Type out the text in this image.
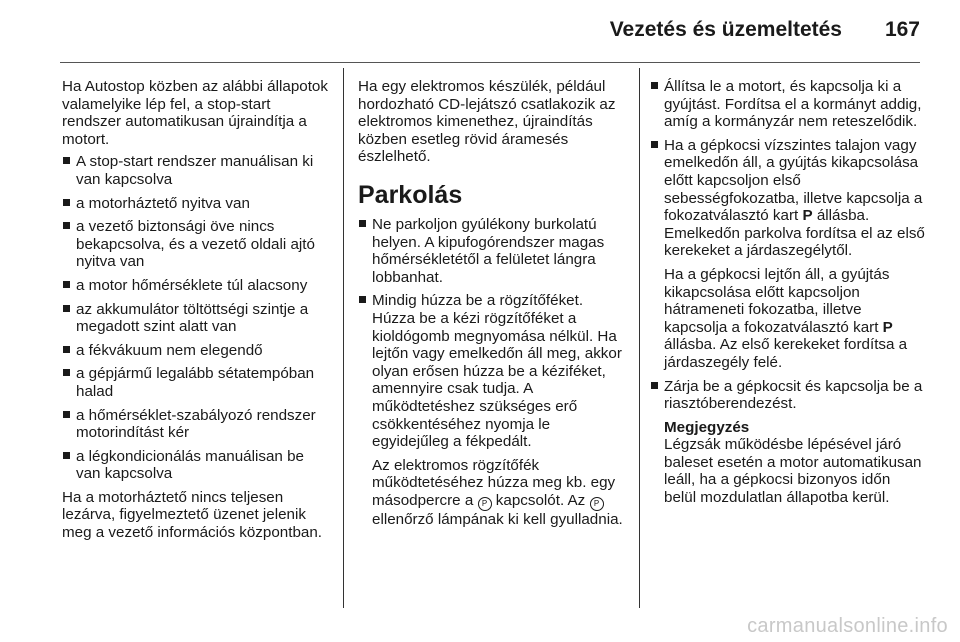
Vezetés és üzemeltetés 167

Ha Autostop közben az alábbi állapotok valamelyike lép fel, a stop-start rendszer automatikusan újraindítja a motort.

A stop-start rendszer manuálisan ki van kapcsolva
a motorháztető nyitva van
a vezető biztonsági öve nincs bekapcsolva, és a vezető oldali ajtó nyitva van
a motor hőmérséklete túl alacsony
az akkumulátor töltöttségi szintje a megadott szint alatt van
a fékvákuum nem elegendő
a gépjármű legalább sétatempóban halad
a hőmérséklet-szabályozó rendszer motorindítást kér
a légkondicionálás manuálisan be van kapcsolva

Ha a motorháztető nincs teljesen lezárva, figyelmeztető üzenet jelenik meg a vezető információs központban.

Ha egy elektromos készülék, például hordozható CD-lejátszó csatlakozik az elektromos kimenethez, újraindítás közben esetleg rövid áramesés észlelhető.

Parkolás
Ne parkoljon gyúlékony burkolatú helyen. A kipufogórendszer magas hőmérsékletétől a felületet lángra lobbanhat.
Mindig húzza be a rögzítőféket. Húzza be a kézi rögzítőféket a kioldógomb megnyomása nélkül. Ha lejtőn vagy emelkedőn áll meg, akkor olyan erősen húzza be a kéziféket, amennyire csak tudja. A működtetéshez szükséges erő csökkentéséhez nyomja le egyidejűleg a fékpedált.
Az elektromos rögzítőfék működtetéséhez húzza meg kb. egy másodpercre a P kapcsolót. Az P ellenőrző lámpának ki kell gyulladnia.
Állítsa le a motort, és kapcsolja ki a gyújtást. Fordítsa el a kormányt addig, amíg a kormányzár nem reteszelődik.
Ha a gépkocsi vízszintes talajon vagy emelkedőn áll, a gyújtás kikapcsolása előtt kapcsoljon első sebességfokozatba, illetve kapcsolja a fokozatválasztó kart P állásba. Emelkedőn parkolva fordítsa el az első kerekeket a járdaszegélytől.
Ha a gépkocsi lejtőn áll, a gyújtás kikapcsolása előtt kapcsoljon hátrameneti fokozatba, illetve kapcsolja a fokozatválasztó kart P állásba. Az első kerekeket fordítsa a járdaszegély felé.
Zárja be a gépkocsit és kapcsolja be a riasztóberendezést.
Megjegyzés
Légzsák működésbe lépésével járó baleset esetén a motor automatikusan leáll, ha a gépkocsi bizonyos időn belül mozdulatlan állapotba kerül.
carmanualsonline.info
